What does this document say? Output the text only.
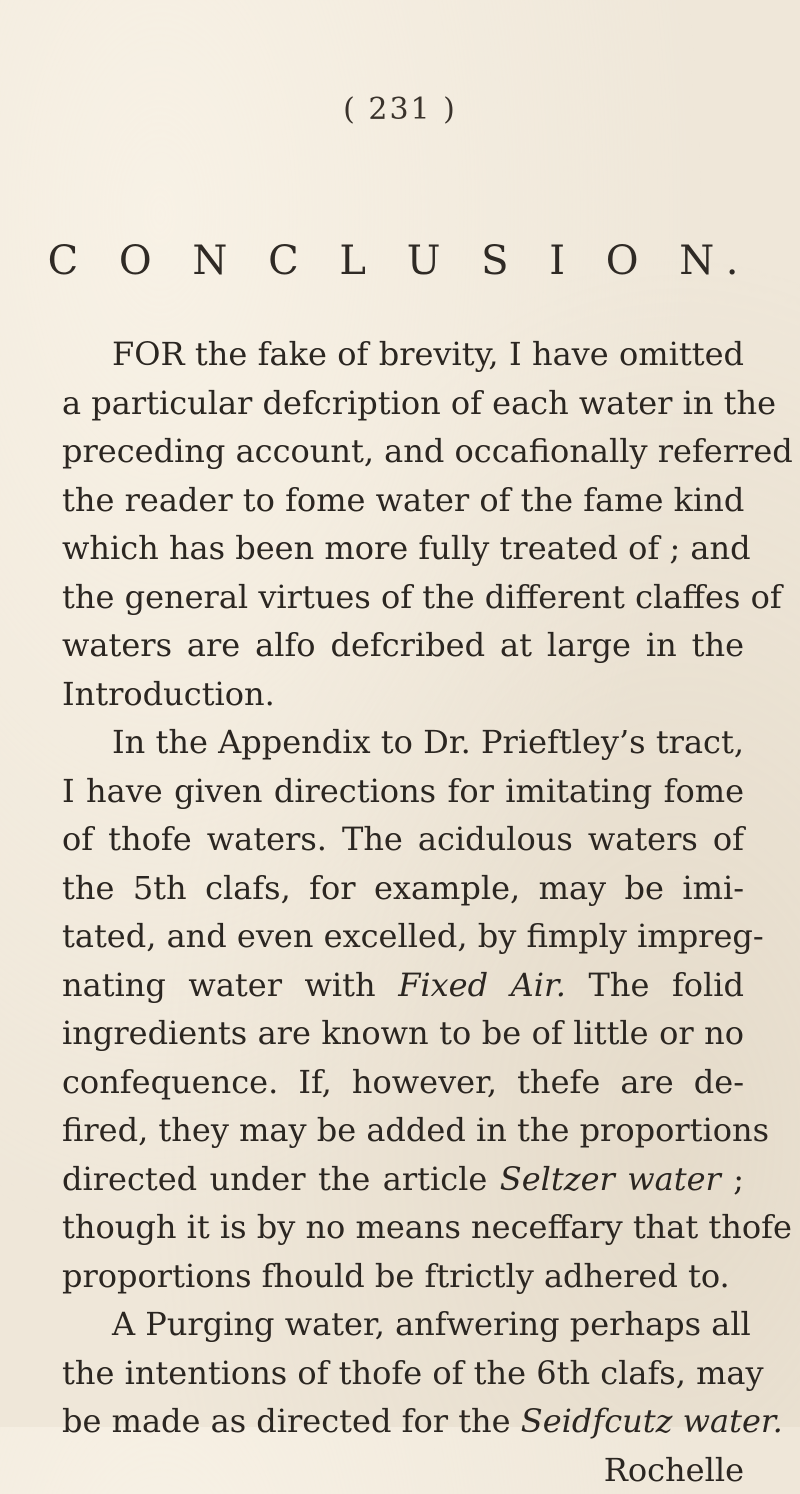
( 231 )
C O N C L U S I O N.
FOR the fake of brevity, I have omitted
a particular defcription of each water in the
preceding account, and occafionally referred
the reader to fome water of the fame kind
which has been more fully treated of ; and
the general virtues of the different claffes of
waters are alfo defcribed at large in the
Introduction.
In the Appendix to Dr. Prieftley’s tract,
I have given directions for imitating fome
of thofe waters. The acidulous waters of
the 5th clafs, for example, may be imi-
tated, and even excelled, by fimply impreg-
nating water with Fixed Air. The folid
ingredients are known to be of little or no
confequence. If, however, thefe are de-
fired, they may be added in the proportions
directed under the article Seltzer water ;
though it is by no means neceffary that thofe
proportions fhould be ftrictly adhered to.
A Purging water, anfwering perhaps all
the intentions of thofe of the 6th clafs, may
be made as directed for the Seidfcutz water.
Rochelle
